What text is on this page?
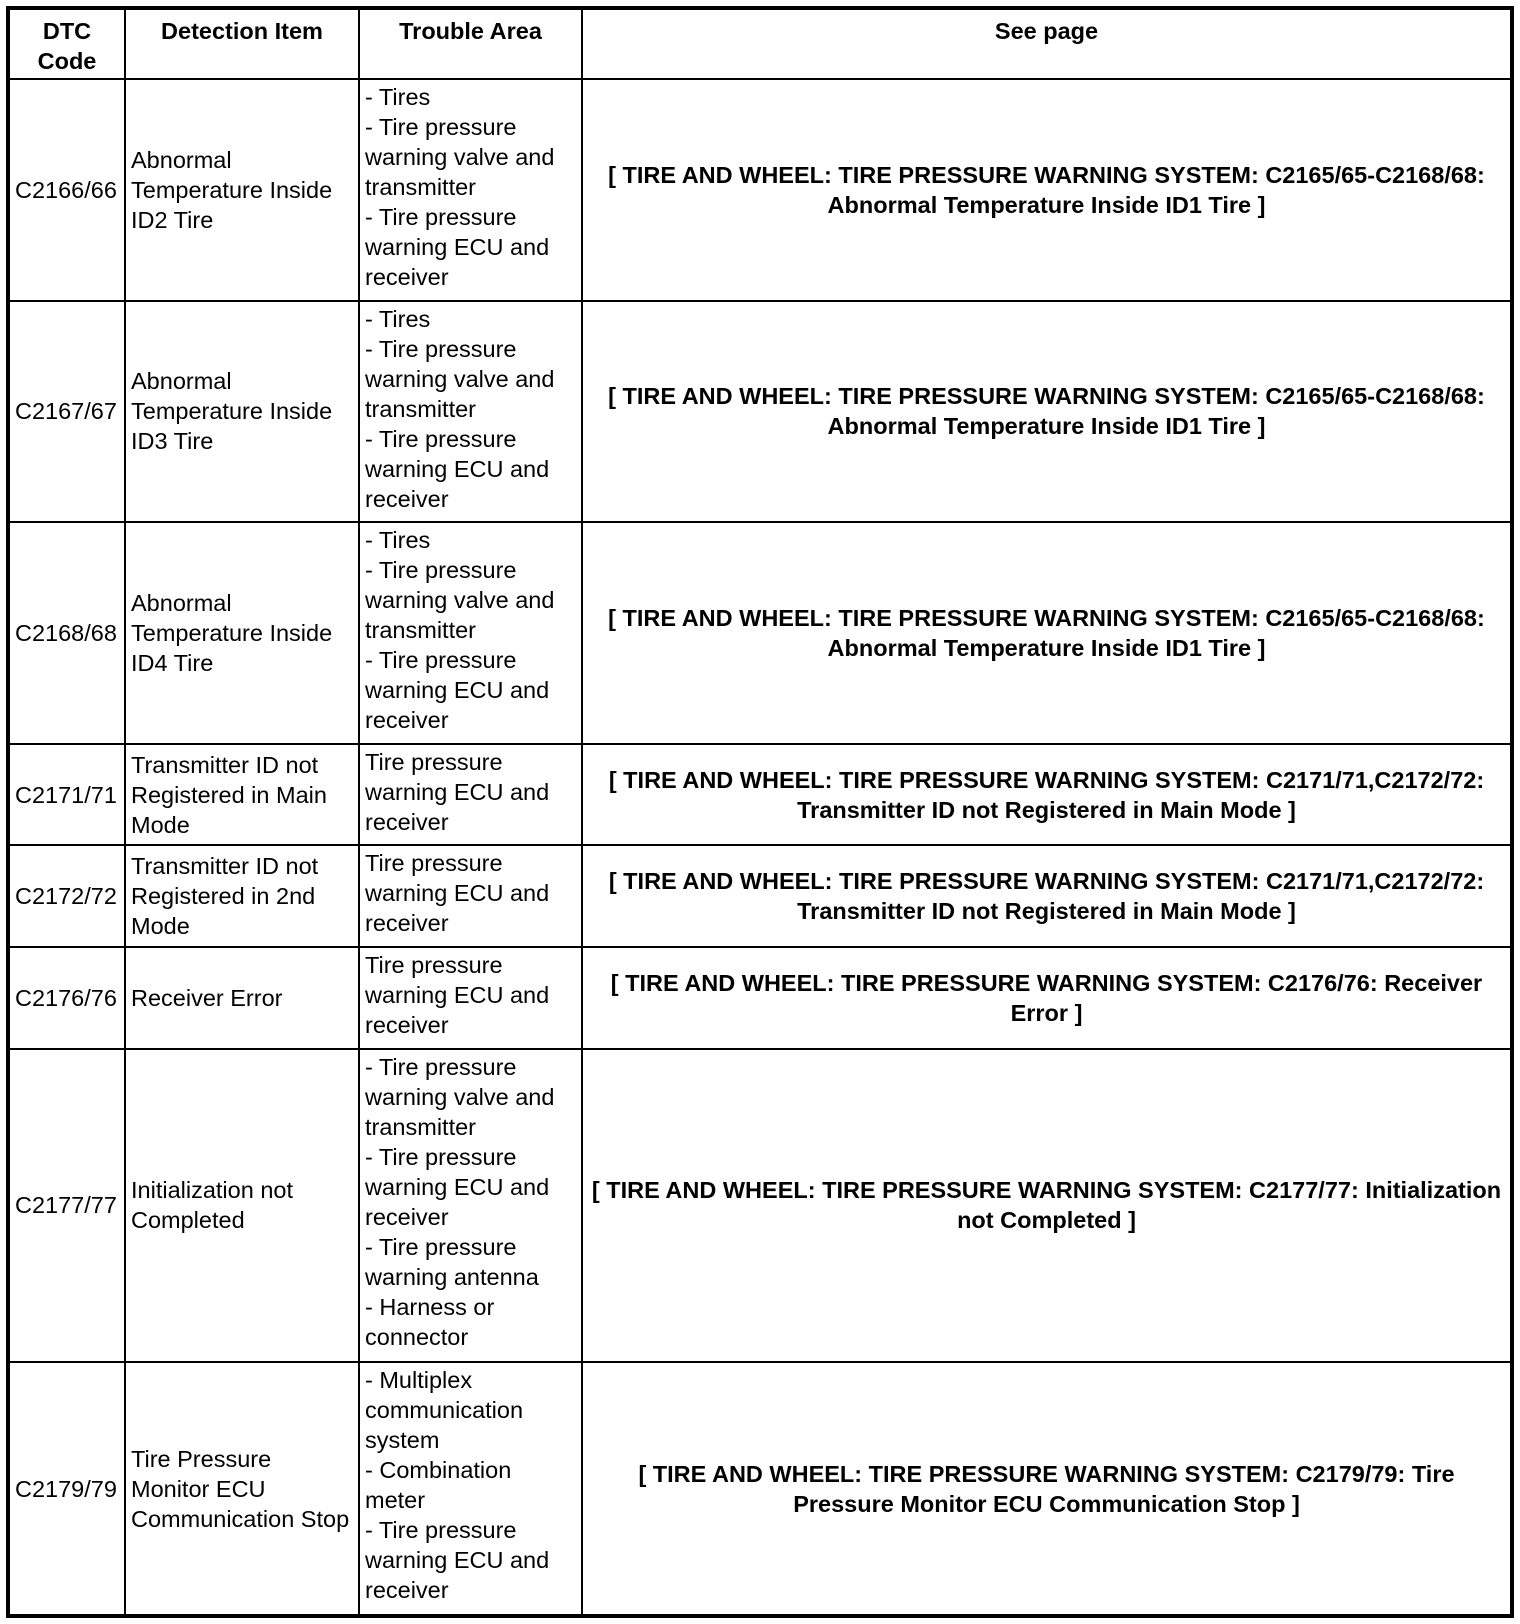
DTC Code	Detection Item	Trouble Area	See page
C2166/66	Abnormal Temperature Inside ID2 Tire	- Tires
- Tire pressure warning valve and transmitter
- Tire pressure warning ECU and receiver	[ TIRE AND WHEEL: TIRE PRESSURE WARNING SYSTEM: C2165/65-C2168/68: Abnormal Temperature Inside ID1 Tire ]
C2167/67	Abnormal Temperature Inside ID3 Tire	- Tires
- Tire pressure warning valve and transmitter
- Tire pressure warning ECU and receiver	[ TIRE AND WHEEL: TIRE PRESSURE WARNING SYSTEM: C2165/65-C2168/68: Abnormal Temperature Inside ID1 Tire ]
C2168/68	Abnormal Temperature Inside ID4 Tire	- Tires
- Tire pressure warning valve and transmitter
- Tire pressure warning ECU and receiver	[ TIRE AND WHEEL: TIRE PRESSURE WARNING SYSTEM: C2165/65-C2168/68: Abnormal Temperature Inside ID1 Tire ]
C2171/71	Transmitter ID not Registered in Main Mode	Tire pressure warning ECU and receiver	[ TIRE AND WHEEL: TIRE PRESSURE WARNING SYSTEM: C2171/71,C2172/72: Transmitter ID not Registered in Main Mode ]
C2172/72	Transmitter ID not Registered in 2nd Mode	Tire pressure warning ECU and receiver	[ TIRE AND WHEEL: TIRE PRESSURE WARNING SYSTEM: C2171/71,C2172/72: Transmitter ID not Registered in Main Mode ]
C2176/76	Receiver Error	Tire pressure warning ECU and receiver	[ TIRE AND WHEEL: TIRE PRESSURE WARNING SYSTEM: C2176/76: Receiver Error ]
C2177/77	Initialization not Completed	- Tire pressure warning valve and transmitter
- Tire pressure warning ECU and receiver
- Tire pressure warning antenna
- Harness or connector	[ TIRE AND WHEEL: TIRE PRESSURE WARNING SYSTEM: C2177/77: Initialization not Completed ]
C2179/79	Tire Pressure Monitor ECU Communication Stop	- Multiplex communication system
- Combination meter
- Tire pressure warning ECU and receiver	[ TIRE AND WHEEL: TIRE PRESSURE WARNING SYSTEM: C2179/79: Tire Pressure Monitor ECU Communication Stop ]
